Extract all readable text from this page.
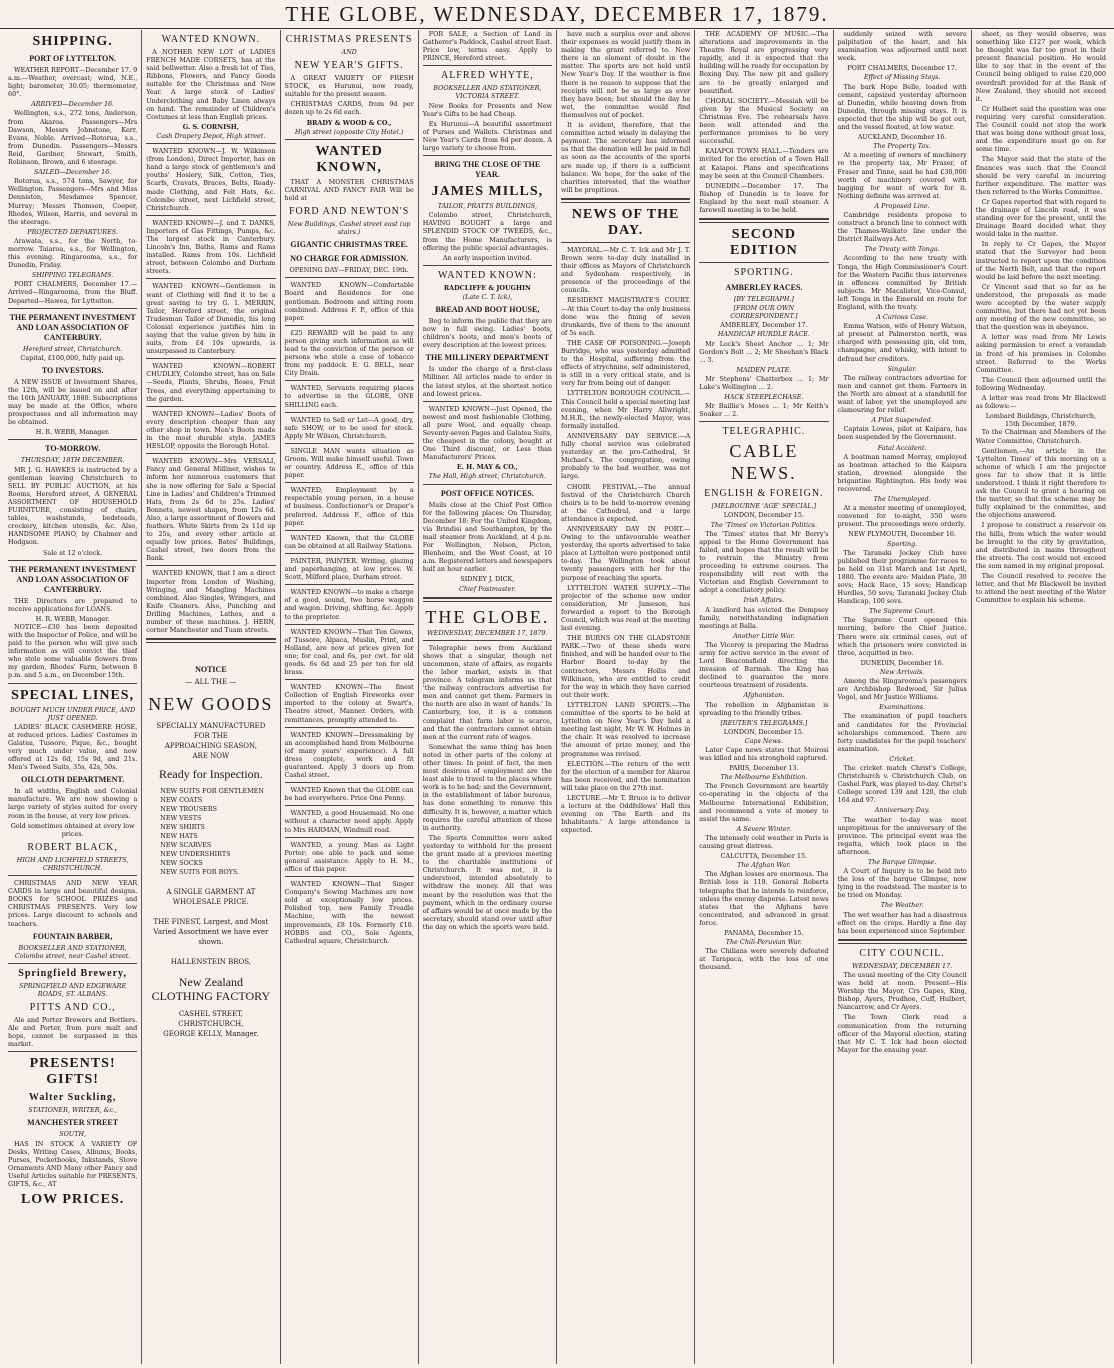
THE GLOBE, WEDNESDAY, DECEMBER 17, 1879.
SHIPPING.
PORT OF LYTTELTON.

WEATHER REPORT—December 17. 9 a.m.—Weather, overcast; wind, N.E., light; barometer, 30.05; thermometer, 60°.

ARRIVED—December 16.

Wellington, s.s., 272 tons, Anderson, from Akaroa. Passengers—Mrs Dawson, Messrs Johnstone, Kerr, Evans, Noble. Arrived—Rotorua, s.s., from Dunedin. Passengers—Messrs Reid, Gardner, Stewart, Smith, Robinson, Brown, and 6 steerage.

SAILED—December 16.

Rotorua, s.s., 574 tons, Sawyer, for Wellington. Passengers—Mrs and Miss Denniston, Mesdames Spencer, Murray; Messrs Thomson, Cooper, Rhodes, Wilson, Harris, and several in the steerage.

PROJECTED DEPARTURES.

Arawata, s.s., for the North, to-morrow. Taiaroa, s.s., for Wellington, this evening. Ringarooma, s.s., for Dunedin, Friday.

SHIPPING TELEGRAMS.

PORT CHALMERS, December 17.—Arrived—Ringarooma, from the Bluff. Departed—Hawea, for Lyttelton.

THE PERMANENT INVESTMENT AND LOAN ASSOCIATION OF CANTERBURY.
Hereford street, Christchurch.
Capital, £100,000, fully paid up.
TO INVESTORS.

A NEW ISSUE of Investment Shares, the 12th, will be issued on and after the 16th JANUARY, 1880. Subscriptions may be made at the Office, where prospectuses and all information may be obtained.

H. R. WEBB, Manager.
TO-MORROW.
THURSDAY, 18TH DECEMBER.

MR J. G. HAWKES is instructed by a gentleman leaving Christchurch to SELL BY PUBLIC AUCTION, at his Rooms, Hereford street, A GENERAL ASSORTMENT OF HOUSEHOLD FURNITURE, consisting of chairs, tables, washstands, bedsteads, crockery, kitchen utensils, &c. Also, HANDSOME PIANO, by Chalmer and Hodgson.

Sale at 12 o'clock.
THE PERMANENT INVESTMENT AND LOAN ASSOCIATION OF CANTERBURY.

THE Directors are prepared to receive applications for LOANS.

H. R. WEBB, Manager.

NOTICE—£30 has been deposited with the Inspector of Police, and will be paid to the person who will give such information as will convict the thief who stole some valuable flowers from my garden, Rhodes' Farm, between 8 p.m. and 5 a.m., on December 15th.

SPECIAL LINES,
BOUGHT MUCH UNDER PRICE, AND JUST OPENED.

LADIES' BLACK CASHMERE HOSE, at reduced prices. Ladies' Costumes in Galatea, Tussore, Pique, &c., bought very much under value, and now offered at 12s 6d, 15s 9d, and 21s. Men's Tweed Suits, 35s, 42s, 50s.

OILCLOTH DEPARTMENT.

In all widths, English and Colonial manufacture. We are now showing a large variety of styles suited for every room in the house, at very low prices.

Gold sometimes obtained at every low prices.
ROBERT BLACK,
HIGH AND LICHFIELD STREETS, CHRISTCHURCH.

CHRISTMAS AND NEW YEAR CARDS in large and beautiful designs. BOOKS for SCHOOL PRIZES and CHRISTMAS PRESENTS. Very low prices. Large discount to schools and teachers.

FOUNTAIN BARBER,
BOOKSELLER AND STATIONER, Colombo street, near Cashel street.
Springfield Brewery,
SPRINGFIELD AND EDGEWARE ROADS, ST. ALBANS.
PITTS AND CO.,

Ale and Porter Brewers and Bottlers. Ale and Porter, from pure malt and hops, cannot be surpassed in this market.

PRESENTS! GIFTS!
Walter Suckling,
STATIONER, WRITER, &c.,
MANCHESTER STREET
SOUTH,

HAS IN STOCK A VARIETY OF Desks, Writing Cases, Albums, Books, Purses, Pocketbooks, Inkstands, Stove Ornaments AND Many other Fancy and Useful Articles suitable for PRESENTS, GIFTS, &c., AT

LOW PRICES.
WANTED KNOWN.

A NOTHER NEW LOT of LADIES FRENCH MADE CORSETS, has at the said bellwetter. Also a fresh lot of Ties, Ribbons, Flowers, and Fancy Goods suitable for the Christmas and New Year. A large stock of Ladies' Underclothing and Baby Linen always on hand. The remainder of Children's Costumes at less than English prices.

G. S. CORNISH,
Cash Drapery Depot, High street.

WANTED KNOWN—J. W. Wilkinson (from London), Direct Importer, has on hand a large stock of gentlemen's and youths' Hosiery, Silk, Cotton, Ties, Scarfs, Cravats, Braces, Belts, Ready-made Clothing, and Felt Hats, &c. Colombo street, next Lichfield street, Christchurch.

WANTED KNOWN—J. and T. DANKS, Importers of Gas Fittings, Pumps, &c. The largest stock in Canterbury. Lincoln's Inn, Baths, Rams and Rams installed. Rams from 10s. Lichfield street, between Colombo and Durham streets.

WANTED KNOWN—Gentlemen in want of Clothing will find it to be a great saving to try G. I. MERRIN, Tailor, Hereford street, the original Tradesman Tailor of Dunedin, his long Colonial experience justifies him in saying that the value given by him in suits, from £4 10s upwards, is unsurpassed in Canterbury.

WANTED KNOWN—ROBERT CHUDLEY, Colombo street, has on Sale—Seeds, Plants, Shrubs, Roses, Fruit Trees, and everything appertaining to the garden.

WANTED KNOWN—Ladies' Boots of every description cheaper than any other shop in town. Men's Boots made in the most durable style. JAMES HESLOP, opposite the Borough Hotel.

WANTED KNOWN—Mrs VERSALI, Fancy and General Milliner, wishes to inform her numerous customers that she is now offering for Sale a Special Line in Ladies' and Children's Trimmed Hats, from 2s 6d to 25s. Ladies' Bonnets, newest shapes, from 12s 6d. Also, a large assortment of flowers and feathers. White Skirts from 2s 11d up to 25s, and every other article at equally low prices. Bates' Buildings, Cashel street, two doors from the Bank.

WANTED KNOWN, that I am a direct Importer from London of Washing, Wringing, and Mangling Machines combined. Also Singles, Wringers, and Knife Cleaners. Also, Punching and Drilling Machines, Lathes, and a number of these machines. J. HERN, corner Manchester and Tuam streets.

NOTICE
— ALL THE —
NEW GOODS
SPECIALLY MANUFACTURED
FOR THE
APPROACHING SEASON,
ARE NOW
Ready for Inspection.
NEW SUITS FOR GENTLEMEN
NEW COATS
NEW TROUSERS
NEW VESTS
NEW SHIRTS
NEW HATS
NEW SCARVES
NEW UNDERSHIRTS
NEW SOCKS
NEW SUITS FOR BOYS.
A SINGLE GARMENT AT WHOLESALE PRICE.
THE FINEST, Largest, and Most Varied Assortment we have ever shown.
HALLENSTEIN BROS,
New Zealand
CLOTHING FACTORY
CASHEL STREET, CHRISTCHURCH,
GEORGE KELLY, Manager.
CHRISTMAS PRESENTS
AND
NEW YEAR'S GIFTS.

A GREAT VARIETY OF FRESH STOCK, ex Hurunui, now ready, suitable for the present season.

CHRISTMAS CARDS, from 9d per dozen up to 2s 6d each.

BRADY & WOOD & CO.,
High street (opposite City Hotel.)
WANTED KNOWN,

THAT A MONSTER CHRISTMAS CARNIVAL AND FANCY FAIR Will be held at

FORD AND NEWTON'S
New Buildings, Cashel street east (up stairs.)
GIGANTIC CHRISTMAS TREE.
NO CHARGE FOR ADMISSION.
OPENING DAY—FRIDAY, DEC. 19th.

WANTED KNOWN—Comfortable Board and Residence for one gentleman. Bedroom and sitting room combined. Address F. P., office of this paper.

£25 REWARD will be paid to any person giving such information as will lead to the conviction of the person or persons who stole a case of tobacco from my paddock. E. G. BELL, near City Drain.

WANTED, Servants requiring places to advertise in the GLOBE, ONE SHILLING each.

WANTED to Sell or Let—A good, dry, safe SHOW, or to be used for stock. Apply Mr Wilson, Christchurch.

SINGLE MAN wants situation as Groom. Will make himself useful. Town or country. Address E., office of this paper.

WANTED, Employment by a respectable young person, in a house of business. Confectioner's or Draper's preferred. Address F., office of this paper.

WANTED Known, that the GLOBE can be obtained at all Railway Stations.

PAINTER, PAINTER. Writing, glazing and paperhanging, at low prices. W. Scott, Milford place, Durham street.

WANTED KNOWN—to make a charge of a good, sound, two horse waggon and wagon. Driving, shifting, &c. Apply to the proprietor.

WANTED KNOWN—That Ten Gowns, of Tussore, Alpaca, Muslin, Print, and Holland, are now at prices given for one; for coal, and 6s, per cwt. for old goods. 6s 6d and 25 per ton for old brass.

WANTED KNOWN—The finest Collection of English Fireworks ever imported to the colony at Swart's, Theatre street, Manner. Orders, with remittances, promptly attended to.

WANTED KNOWN—Dressmaking by an accomplished hand from Melbourne (of many years' experience). A full dress complete, work and fit guaranteed. Apply 3 doors up from Cashel street.

WANTED Known that the GLOBE can be had everywhere. Price One Penny.

WANTED, a good Housemaid. No one without a character need apply. Apply to Mrs HARMAN, Windmill road.

WANTED, a young Man as Light Porter; one able to pack and some general assistance. Apply to H. M., office of this paper.

WANTED KNOWN—That Singer Company's Sewing Machines are now sold at exceptionally low prices. Polished top, new Family Treadle Machine, with the newest improvements, £8 10s. Formerly £10. HOBBS and CO., Sole Agents, Cathedral square, Christchurch.

FOR SALE, a Section of Land in Gatherer's Paddock, Cashel street East. Price low, terms easy. Apply to PRINCE, Hereford street.

ALFRED WHYTE,
BOOKSELLER AND STATIONER, VICTORIA STREET.

New Books for Presents and New Year's Gifts to be had Cheap.

Ex Hurunui—A beautiful assortment of Purses and Wallets. Christmas and New Year's Cards from 6d per dozen. A large variety to choose from.

BRING THE CLOSE OF THE YEAR.
JAMES MILLS,
TAILOR, PRATTS BUILDINGS,

Colombo street, Christchurch, HAVING BOUGHT a large and SPLENDID STOCK OF TWEEDS, &c., from the Home Manufacturers, is offering the public special advantages.

An early inspection invited.
WANTED KNOWN:
RADCLIFFE & JOUGHIN
(Late C. T. Ick),
BREAD AND BOOT HOUSE,

Beg to inform the public that they are now in full swing. Ladies' boots, children's boots, and men's boots of every description at the lowest prices.

THE MILLINERY DEPARTMENT

Is under the charge of a first-class Milliner. All articles made to order in the latest styles, at the shortest notice and lowest prices.

WANTED KNOWN—Just Opened, the newest and most fashionable Clothing, all pure Wool, and equally cheap. Seventy-seven Pages and Galatea Suits, the cheapest in the colony, bought at One Third discount, or Less than Manufacturers' Prices.

E. H. MAY & CO.,
The Hall, High street, Christchurch.
POST OFFICE NOTICES.

Mails close at the Chief Post Office for the following places: On Thursday, December 18: For the United Kingdom, via Brindisi and Southampton, by the mail steamer from Auckland, at 4 p.m. For Wellington, Nelson, Picton, Blenheim, and the West Coast, at 10 a.m. Registered letters and newspapers half an hour earlier.

SIDNEY J. DICK,
Chief Postmaster.
THE GLOBE.
WEDNESDAY, DECEMBER 17, 1879.

Telegraphic news from Auckland shows that a singular, though not uncommon, state of affairs, as regards the labor market, exists in that province. A telegram informs us that 'the railway contractors advertise for men and cannot get them. Farmers in the north are also in want of hands.' In Canterbury, too, it is a common complaint that farm labor is scarce, and that the contractors cannot obtain men at the current rate of wages.

Somewhat the same thing has been noted in other parts of the colony at other times. In point of fact, the men most desirous of employment are the least able to travel to the places where work is to be had; and the Government, in the establishment of labor bureaus, has done something to remove this difficulty. It is, however, a matter which requires the careful attention of those in authority.

The Sports Committee were asked yesterday to withhold for the present the grant made at a previous meeting to the charitable institutions of Christchurch. It was not, it is understood, intended absolutely to withdraw the money. All that was meant by the resolution was that the payment, which in the ordinary course of affairs would be at once made by the secretary, should stand over until after the day on which the sports were held.

have such a surplus over and above their expenses as would justify them in making the grant referred to. Now there is an element of doubt in the matter. The sports are not held until New Year's Day. If the weather is fine there is no reason to suppose that the receipts will not be as large as ever they have been; but should the day be wet, the committee would find themselves out of pocket.

It is evident, therefore, that the committee acted wisely in delaying the payment. The secretary has informed us that the donation will be paid in full as soon as the accounts of the sports are made up, if there is a sufficient balance. We hope, for the sake of the charities interested, that the weather will be propitious.

NEWS OF THE DAY.

MAYORAL.—Mr C. T. Ick and Mr J. T. Brown were to-day duly installed in their offices as Mayors of Christchurch and Sydenham respectively, in presence of the proceedings of the councils.

RESIDENT MAGISTRATE'S COURT.—At this Court to-day the only business done was the fining of seven drunkards, five of them to the amount of 5s each.

THE CASE OF POISONING.—Joseph Burridge, who was yesterday admitted to the Hospital, suffering from the effects of strychnine, self administered, is still in a very critical state, and is very far from being out of danger.

LYTTELTON BOROUGH COUNCIL.—This Council held a special meeting last evening, when Mr Harry Allwright, M.H.R., the newly-elected Mayor, was formally installed.

ANNIVERSARY DAY SERVICE.—A fully choral service was celebrated yesterday at the pro-Cathedral, St Michael's. The congregation, owing probably to the bad weather, was not large.

CHOIR FESTIVAL.—The annual festival of the Christchurch Church choirs is to be held to-morrow evening at the Cathedral, and a large attendance is expected.

ANNIVERSARY DAY IN PORT.—Owing to the unfavourable weather yesterday, the sports advertised to take place at Lyttelton were postponed until to-day. The Wellington took about twenty passengers with her for the purpose of reaching the sports.

LYTTELTON WATER SUPPLY.—The projector of the scheme now under consideration, Mr Jameson, has forwarded a report to the Borough Council, which was read at the meeting last evening.

THE BURNS ON THE GLADSTONE PARK.—Two of these sheds were finished, and will be handed over to the Harbor Board to-day by the contractors, Messrs Hollis and Wilkinson, who are entitled to credit for the way in which they have carried out their work.

LYTTELTON LAND SPORTS.—The committee of the sports to be held at Lyttelton on New Year's Day held a meeting last night, Mr W. W. Holmes in the chair. It was resolved to increase the amount of prize money, and the programme was revised.

ELECTION.—The return of the writ for the election of a member for Akaroa has been received, and the nomination will take place on the 27th inst.

LECTURE.—Mr T. Bruce is to deliver a lecture at the Oddfellows' Hall this evening on 'The Earth and its Inhabitants.' A large attendance is expected.

THE ACADEMY OF MUSIC.—The alterations and improvements in the Theatre Royal are progressing very rapidly, and it is expected that the building will be ready for occupation by Boxing Day. The new pit and gallery are to be greatly enlarged and beautified.

CHORAL SOCIETY.—Messiah will be given by the Musical Society on Christmas Eve. The rehearsals have been well attended and the performance promises to be very successful.

KAIAPOI TOWN HALL.—Tenders are invited for the erection of a Town Hall at Kaiapoi. Plans and specifications may be seen at the Council Chambers.

DUNEDIN.—December 17. The Bishop of Dunedin is to leave for England by the next mail steamer. A farewell meeting is to be held.

SECOND EDITION
SPORTING.
AMBERLEY RACES.
[BY TELEGRAPH.]
[FROM OUR OWN CORRESPONDENT.]
AMBERLEY, December 17.
HANDICAP HURDLE RACE.

Mr Lock's Sheet Anchor ... 1; Mr Gordon's Bolt ... 2; Mr Sheehan's Black ... 3.

MAIDEN PLATE.

Mr Stephens' Chatterbox ... 1; Mr Lake's Wellington ... 2.

HACK STEEPLECHASE.

Mr Baillie's Moses ... 1; Mr Keith's Soaker ... 2.

TELEGRAPHIC.
CABLE NEWS.
ENGLISH & FOREIGN.
[MELBOURNE 'AGE' SPECIAL.]
LONDON, December 15.
The 'Times' on Victorian Politics.

The 'Times' states that Mr Berry's appeal to the Home Government has failed, and hopes that the result will be to restrain the Ministry from proceeding to extreme courses. The responsibility will rest with the Victorian and English Government to adopt a conciliatory policy.

Irish Affairs.

A landlord has evicted the Dempsey family, notwithstanding indignation meetings at Balla.

Another Little War.

The Viceroy is preparing the Madras army for active service in the event of Lord Beaconsfield directing the invasion of Burmah. The King has declined to guarantee the more courteous treatment of residents.

Afghanistan.

The rebellion in Afghanistan is spreading to the friendly tribes.

[REUTER'S TELEGRAMS.]
LONDON, December 15.
Caps News.

Later Cape news states that Moirosi was killed and his stronghold captured.

PARIS, December 13.
The Melbourne Exhibition.

The French Government are heartily co-operating in the objects of the Melbourne International Exhibition, and recommend a vote of money to assist the same.

A Severe Winter.

The intensely cold weather in Paris is causing great distress.

CALCUTTA, December 15.
The Afghan War.

The Afghan losses are enormous. The British loss is 119. General Roberts telegraphs that he intends to reinforce, unless the enemy disperse. Latest news states that the Afghans have concentrated, and advanced in great force.

PANAMA, December 15.
The Chili-Peruvian War.

The Chilians were severely defeated at Tarapaca, with the loss of one thousand.

suddenly seized with severe palpitation of the heart, and his examination was adjourned until next week.

PORT CHALMERS, December 17.
Effect of Missing Stays.

The bark Hope Belle, loaded with cement, capsized yesterday afternoon at Dunedin, while heaving down from Dunedin, through missing stays. It is expected that the ship will be got out, and the vessel floated, at low water.

AUCKLAND, December 16.
The Property Tax.

At a meeting of owners of machinery re the property tax, Mr Fraser, of Fraser and Tinne, said he had £30,000 worth of machinery covered with bagging for want of work for it. Nothing definite was arrived at.

A Proposed Line.

Cambridge residents propose to construct a branch line to connect with the Thames-Waikato line under the District Railways Act.

The Treaty with Tonga.

According to the new treaty with Tonga, the High Commissioner's Court for the Western Pacific thus intervenes in offences committed by British subjects. Mr Macalister, Vice-Consul, left Tonga in the Emerald en route for England, with the treaty.

A Curious Case.

Emma Watson, wife of Henry Watson, at present at Palmerston north, was charged with possessing gin, old tom, champagne, and whisky, with intent to defraud her creditors.

Singular.

The railway contractors advertise for men and cannot get them. Farmers in the North are almost at a standstill for want of labor, yet the unemployed are clamouring for relief.

A Pilot Suspended.

Captain Lowes, pilot at Kaipara, has been suspended by the Government.

Fatal Accident.

A boatman named Morray, employed as boatman attached to the Kaipara station, drowned alongside the brigantine Rightington. His body was recovered.

The Unemployed.

At a monster meeting of unemployed, convened for to-night, 350 were present. The proceedings were orderly.

NEW PLYMOUTH, December 16.
Sporting.

The Taranaki Jockey Club have published their programme for races to be held on 31st March and 1st April, 1880. The events are: Maiden Plate, 30 sovs; Hack Race, 15 sovs; Handicap Hurdles, 50 sovs; Taranaki Jockey Club Handicap, 100 sovs.

The Supreme Court.

The Supreme Court opened this morning, before the Chief Justice. There were six criminal cases, out of which the prisoners were convicted in three, acquitted in two.

DUNEDIN, December 16.
New Arrivals.

Among the Ringarooma's passengers are Archbishop Redwood, Sir Julius Vogel, and Mr Justice Williams.

Examinations.

The examination of pupil teachers and candidates for the Provincial scholarships commenced. There are forty candidates for the pupil teachers' examination.

Cricket.

The cricket match Christ's College, Christchurch v. Christchurch Club, on Cashel Park, was played to-day. Christ's College scored 139 and 120, the club 164 and 97.

Anniversary Day.

The weather to-day was most unpropitious for the anniversary of the province. The principal event was the regatta, which took place in the afternoon.

The Barque Glimpse.

A Court of Inquiry is to be held into the loss of the barque Glimpse, now lying in the roadstead. The master is to be tried on Monday.

The Weather.

The wet weather has had a disastrous effect on the crops. Hardly a fine day has been experienced since September.

CITY COUNCIL.
WEDNESDAY, DECEMBER 17.

The usual meeting of the City Council was held at noon. Present—His Worship the Mayor, Crs Gapes, King, Bishop, Ayers, Prudhoe, Cuff, Hulbert, Nancarrow, and Cr Ayers.

The Town Clerk read a communication from the returning officer of the Mayoral election, stating that Mr C. T. Ick had been elected Mayor for the ensuing year.

sheet, as they would observe, was something like £127 per week, which he thought was far too great in their present financial position. He would like to say that in the event of the Council being obliged to raise £20,000 overdraft provided for at the Bank of New Zealand, they should not exceed it.

Cr Hulbert said the question was one requiring very careful consideration. The Council could not stop the work that was being done without great loss, and the expenditure must go on for some time.

The Mayor said that the state of the finances was such that the Council should be very careful in incurring further expenditure. The matter was then referred to the Works Committee.

Cr Gapes reported that with regard to the drainage of Lincoln road, it was standing over for the present, until the Drainage Board decided what they would take in the matter.

In reply to Cr Gapes, the Mayor stated that the Surveyor had been instructed to report upon the condition of the North Belt, and that the report would be laid before the next meeting.

Cr Vincent said that so far as he understood, the proposals as made were accepted by the water supply committee, but there had not yet been any meeting of the new committee, so that the question was in abeyance.

A letter was read from Mr Lewis asking permission to erect a verandah in front of his premises in Colombo street. Referred to the Works Committee.

The Council then adjourned until the following Wednesday.

A letter was read from Mr Blackwell as follows:—

Lombard Buildings, Christchurch,
15th December, 1879.

To the Chairman and Members of the Water Committee, Christchurch.

Gentlemen,—An article in the 'Lyttelton Times' of this morning on a scheme of which I am the projector goes far to show that it is little understood. I think it right therefore to ask the Council to grant a hearing on the matter, so that the scheme may be fully explained to the committee, and the objections answered.

I propose to construct a reservoir on the hills, from which the water would be brought to the city by gravitation, and distributed in mains throughout the streets. The cost would not exceed the sum named in my original proposal.

The Council resolved to receive the letter, and that Mr Blackwell be invited to attend the next meeting of the Water Committee to explain his scheme.
